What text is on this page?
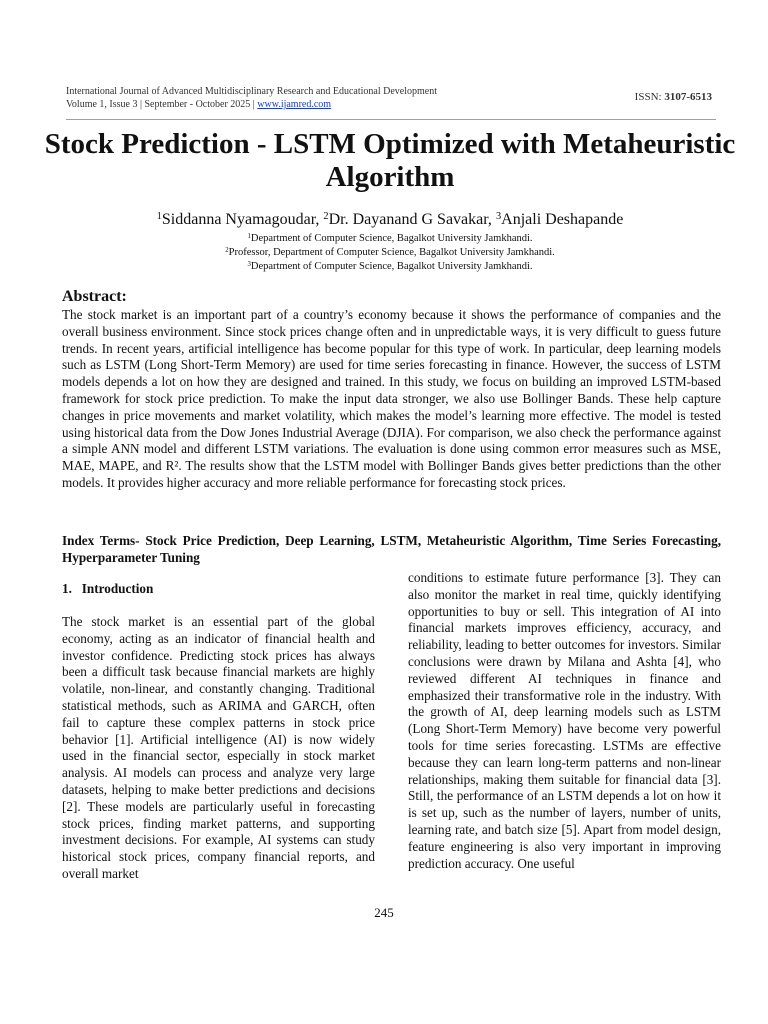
International Journal of Advanced Multidisciplinary Research and Educational Development
Volume 1, Issue 3 | September - October 2025 | www.ijamred.com
ISSN: 3107-6513
Stock Prediction - LSTM Optimized with Metaheuristic Algorithm
$^1$Siddanna Nyamagoudar, $^2$Dr. Dayanand G Savakar, $^3$Anjali Deshapande
$^1$Department of Computer Science, Bagalkot University Jamkhandi.
$^2$Professor, Department of Computer Science, Bagalkot University Jamkhandi.
$^3$Department of Computer Science, Bagalkot University Jamkhandi.
Abstract:
The stock market is an important part of a country’s economy because it shows the performance of companies and the overall business environment. Since stock prices change often and in unpredictable ways, it is very difficult to guess future trends. In recent years, artificial intelligence has become popular for this type of work. In particular, deep learning models such as LSTM (Long Short-Term Memory) are used for time series forecasting in finance. However, the success of LSTM models depends a lot on how they are designed and trained. In this study, we focus on building an improved LSTM-based framework for stock price prediction. To make the input data stronger, we also use Bollinger Bands. These help capture changes in price movements and market volatility, which makes the model’s learning more effective. The model is tested using historical data from the Dow Jones Industrial Average (DJIA). For comparison, we also check the performance against a simple ANN model and different LSTM variations. The evaluation is done using common error measures such as MSE, MAE, MAPE, and R². The results show that the LSTM model with Bollinger Bands gives better predictions than the other models. It provides higher accuracy and more reliable performance for forecasting stock prices.
Index Terms- Stock Price Prediction, Deep Learning, LSTM, Metaheuristic Algorithm, Time Series Forecasting, Hyperparameter Tuning
1.   Introduction
The stock market is an essential part of the global economy, acting as an indicator of financial health and investor confidence. Predicting stock prices has always been a difficult task because financial markets are highly volatile, non-linear, and constantly changing. Traditional statistical methods, such as ARIMA and GARCH, often fail to capture these complex patterns in stock price behavior [1]. Artificial intelligence (AI) is now widely used in the financial sector, especially in stock market analysis. AI models can process and analyze very large datasets, helping to make better predictions and decisions [2]. These models are particularly useful in forecasting stock prices, finding market patterns, and supporting investment decisions. For example, AI systems can study historical stock prices, company financial reports, and overall market
conditions to estimate future performance [3]. They can also monitor the market in real time, quickly identifying opportunities to buy or sell. This integration of AI into financial markets improves efficiency, accuracy, and reliability, leading to better outcomes for investors. Similar conclusions were drawn by Milana and Ashta [4], who reviewed different AI techniques in finance and emphasized their transformative role in the industry. With the growth of AI, deep learning models such as LSTM (Long Short-Term Memory) have become very powerful tools for time series forecasting. LSTMs are effective because they can learn long-term patterns and non-linear relationships, making them suitable for financial data [3]. Still, the performance of an LSTM depends a lot on how it is set up, such as the number of layers, number of units, learning rate, and batch size [5]. Apart from model design, feature engineering is also very important in improving prediction accuracy. One useful
245
